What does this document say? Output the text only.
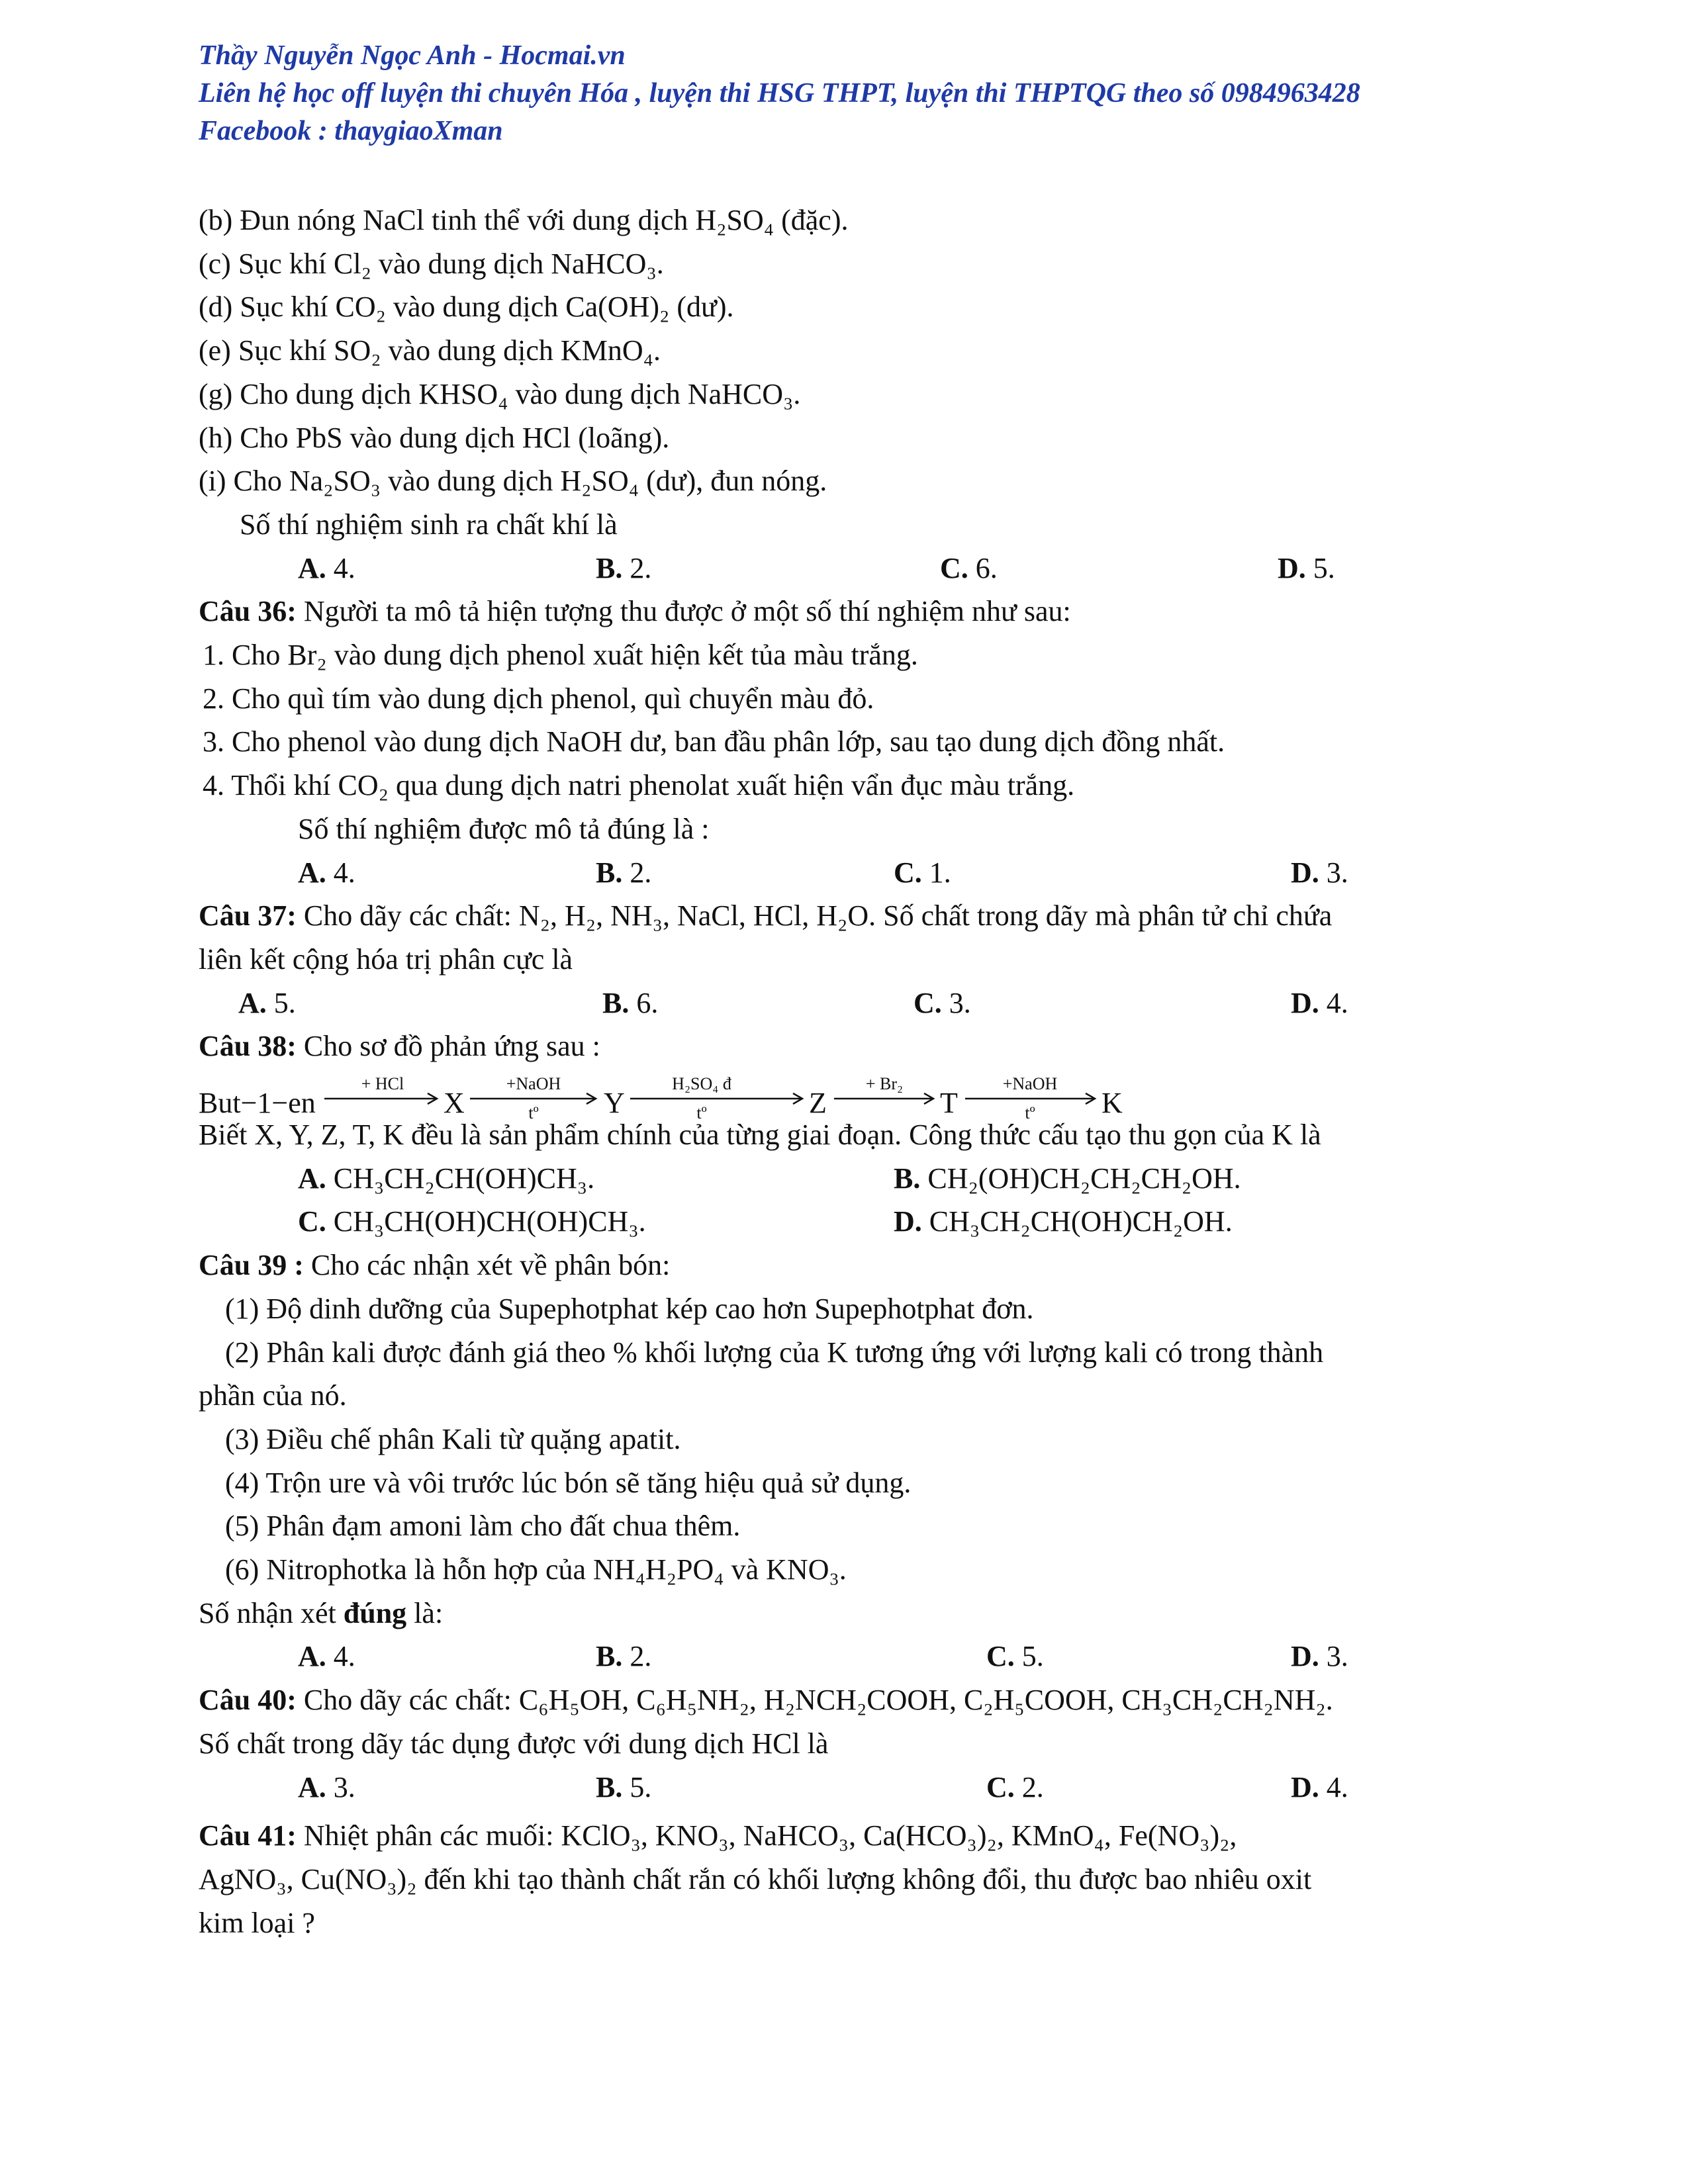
Thầy Nguyễn Ngọc Anh - Hocmai.vn
Liên hệ học off luyện thi chuyên Hóa , luyện thi HSG THPT, luyện thi THPTQG theo số 0984963428
Facebook : thaygiaoXman
(b) Đun nóng NaCl tinh thể với dung dịch H₂SO₄ (đặc).
(c) Sục khí Cl₂ vào dung dịch NaHCO₃.
(d) Sục khí CO₂ vào dung dịch Ca(OH)₂ (dư).
(e) Sục khí SO₂ vào dung dịch KMnO₄.
(g) Cho dung dịch KHSO₄ vào dung dịch NaHCO₃.
(h) Cho PbS vào dung dịch HCl (loãng).
(i) Cho Na₂SO₃ vào dung dịch H₂SO₄ (dư), đun nóng.
Số thí nghiệm sinh ra chất khí là
A. 4.	B. 2.	C. 6.	D. 5.
Câu 36: Người ta mô tả hiện tượng thu được ở một số thí nghiệm như sau:
1. Cho Br₂ vào dung dịch phenol xuất hiện kết tủa màu trắng.
2. Cho quì tím vào dung dịch phenol, quì chuyển màu đỏ.
3. Cho phenol vào dung dịch NaOH dư, ban đầu phân lớp, sau tạo dung dịch đồng nhất.
4. Thổi khí CO₂ qua dung dịch natri phenolat xuất hiện vẩn đục màu trắng.
Số thí nghiệm được mô tả đúng là :
A. 4.	B. 2.	C. 1.	D. 3.
Câu 37: Cho dãy các chất: N₂, H₂, NH₃, NaCl, HCl, H₂O. Số chất trong dãy mà phân tử chỉ chứa
liên kết cộng hóa trị phân cực là
A. 5.	B. 6.	C. 3.	D. 4.
Câu 38: Cho sơ đồ phản ứng sau :
But−1−en
+ HCl
X
+NaOH
tº Y
H₂SO₄ đ
tº	Z
+ Br₂
T
+NaOH
tº K
Biết X, Y, Z, T, K đều là sản phẩm chính của từng giai đoạn. Công thức cấu tạo thu gọn của K là
A. CH₃CH₂CH(OH)CH₃.	B. CH₂(OH)CH₂CH₂CH₂OH.
C. CH₃CH(OH)CH(OH)CH₃.	D. CH₃CH₂CH(OH)CH₂OH.
Câu 39 : Cho các nhận xét về phân bón:
(1) Độ dinh dưỡng của Supephotphat kép cao hơn Supephotphat đơn.
(2) Phân kali được đánh giá theo % khối lượng của K tương ứng với lượng kali có trong thành
phần của nó.
(3) Điều chế phân Kali từ quặng apatit.
(4) Trộn ure và vôi trước lúc bón sẽ tăng hiệu quả sử dụng.
(5) Phân đạm amoni làm cho đất chua thêm.
(6) Nitrophotka là hỗn hợp của NH₄H₂PO₄ và KNO₃.
Số nhận xét đúng là:
A. 4.	B. 2.	C. 5.	D. 3.
Câu 40: Cho dãy các chất: C₆H₅OH, C₆H₅NH₂, H₂NCH₂COOH, C₂H₅COOH, CH₃CH₂CH₂NH₂.
Số chất trong dãy tác dụng được với dung dịch HCl là
A. 3.	B. 5.	C. 2.	D. 4.
Câu 41: Nhiệt phân các muối: KClO₃, KNO₃, NaHCO₃, Ca(HCO₃)₂, KMnO₄, Fe(NO₃)₂,
AgNO₃, Cu(NO₃)₂ đến khi tạo thành chất rắn có khối lượng không đổi, thu được bao nhiêu oxit
kim loại ?
